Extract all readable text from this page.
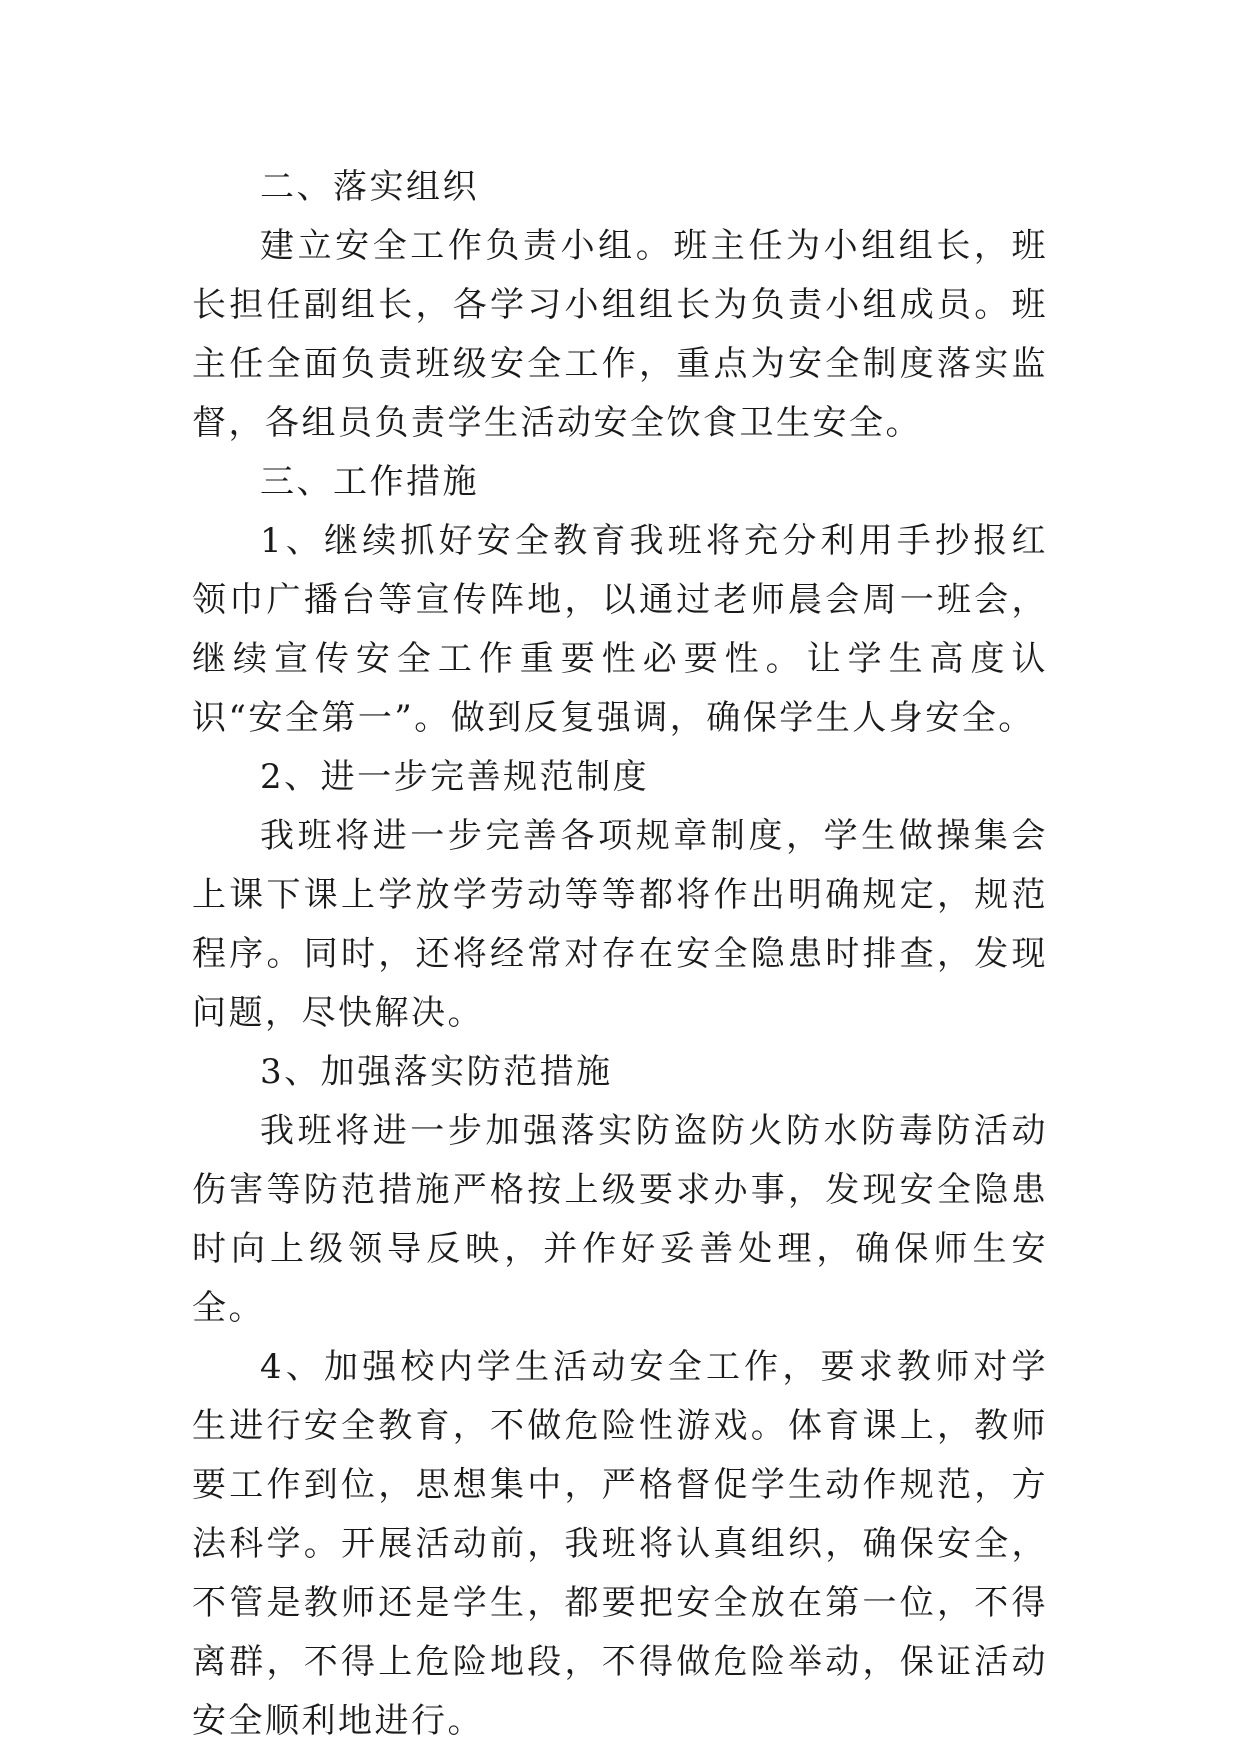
二、落实组织

建立安全工作负责小组。班主任为小组组长，班长担任副组长，各学习小组组长为负责小组成员。班主任全面负责班级安全工作，重点为安全制度落实监督，各组员负责学生活动安全饮食卫生安全。

三、工作措施

1、继续抓好安全教育我班将充分利用手抄报红领巾广播台等宣传阵地，以通过老师晨会周一班会，继续宣传安全工作重要性必要性。让学生高度认识“安全第一”。做到反复强调，确保学生人身安全。

2、进一步完善规范制度

我班将进一步完善各项规章制度，学生做操集会上课下课上学放学劳动等等都将作出明确规定，规范程序。同时，还将经常对存在安全隐患时排查，发现问题，尽快解决。

3、加强落实防范措施

我班将进一步加强落实防盗防火防水防毒防活动伤害等防范措施严格按上级要求办事，发现安全隐患时向上级领导反映，并作好妥善处理，确保师生安全。

4、加强校内学生活动安全工作，要求教师对学生进行安全教育，不做危险性游戏。体育课上，教师要工作到位，思想集中，严格督促学生动作规范，方法科学。开展活动前，我班将认真组织，确保安全，不管是教师还是学生，都要把安全放在第一位，不得离群，不得上危险地段，不得做危险举动，保证活动安全顺利地进行。
